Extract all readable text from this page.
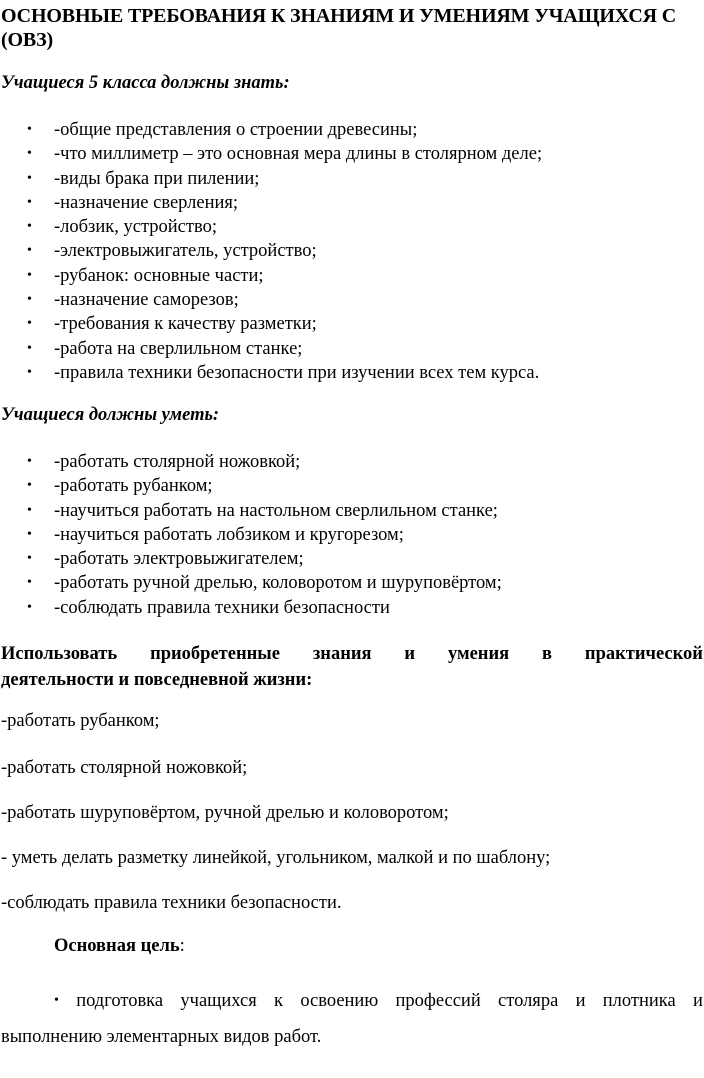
ОСНОВНЫЕ ТРЕБОВАНИЯ К ЗНАНИЯМ И УМЕНИЯМ УЧАЩИХСЯ С (ОВЗ)
Учащиеся 5 класса должны знать:
• -общие представления о строении древесины;
• -что миллиметр – это основная мера длины в столярном деле;
• -виды брака при пилении;
• -назначение сверления;
• -лобзик, устройство;
• -электровыжигатель, устройство;
• -рубанок: основные части;
• -назначение саморезов;
• -требования к качеству разметки;
• -работа на сверлильном станке;
• -правила техники безопасности при изучении всех тем курса.
Учащиеся должны уметь:
• -работать столярной ножовкой;
• -работать рубанком;
• -научиться работать на настольном сверлильном станке;
• -научиться работать лобзиком и кругорезом;
• -работать электровыжигателем;
• -работать ручной дрелью, коловоротом и шуруповёртом;
• -соблюдать правила техники безопасности
Использовать приобретенные знания и умения в практической
деятельности и повседневной жизни:

-работать рубанком;

-работать столярной ножовкой;

-работать шуруповёртом, ручной дрелью и коловоротом;

- уметь делать разметку линейкой, угольником, малкой и по шаблону;

-соблюдать правила техники безопасности.

Основная цель:

• подготовка учащихся к освоению профессий столяра и плотника и

выполнению элементарных видов работ.
